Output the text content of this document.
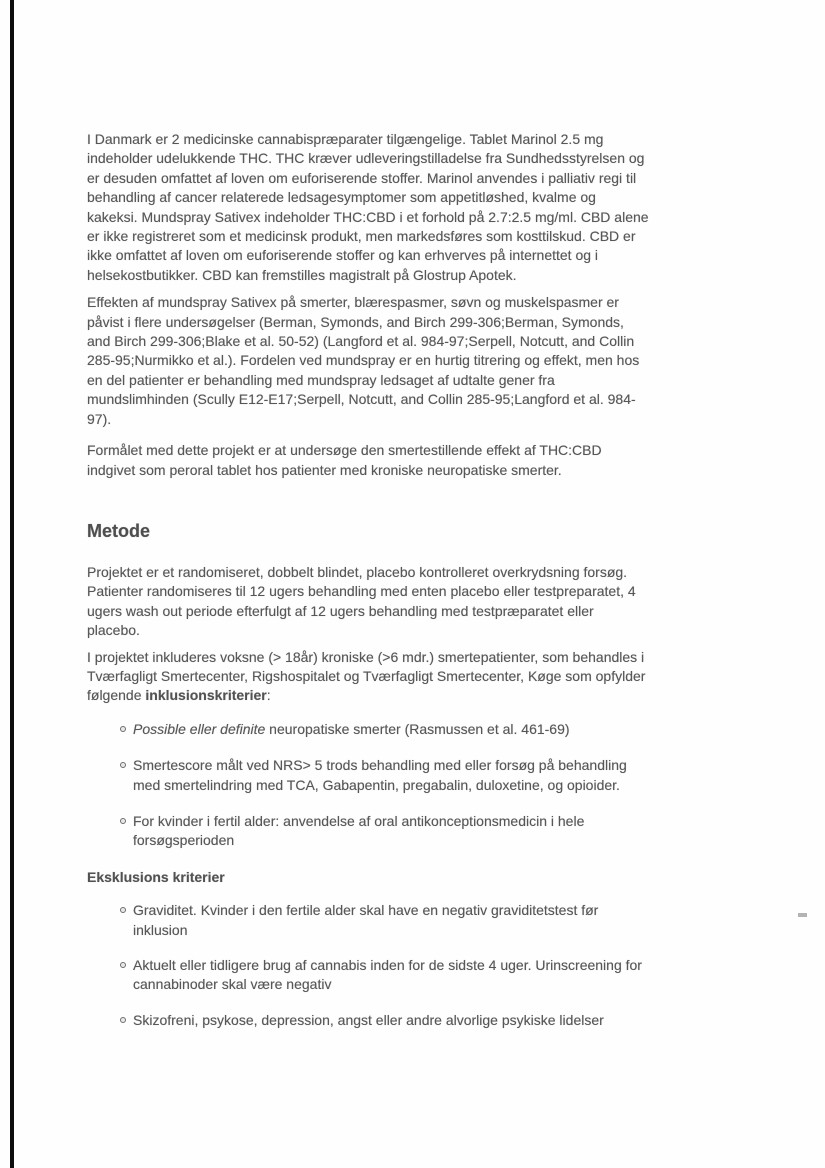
I Danmark er 2 medicinske cannabispræparater tilgængelige. Tablet Marinol 2.5 mg
indeholder udelukkende THC. THC kræver udleveringstilladelse fra Sundhedsstyrelsen og
er desuden omfattet af loven om euforiserende stoffer. Marinol anvendes i palliativ regi til
behandling af cancer relaterede ledsagesymptomer som appetitløshed, kvalme og
kakeksi. Mundspray Sativex indeholder THC:CBD i et forhold på 2.7:2.5 mg/ml. CBD alene
er ikke registreret som et medicinsk produkt, men markedsføres som kosttilskud. CBD er
ikke omfattet af loven om euforiserende stoffer og kan erhverves på internettet og i
helsekostbutikker. CBD kan fremstilles magistralt på Glostrup Apotek.
Effekten af mundspray Sativex på smerter, blærespasmer, søvn og muskelspasmer er
påvist i flere undersøgelser (Berman, Symonds, and Birch 299-306;Berman, Symonds,
and Birch 299-306;Blake et al. 50-52) (Langford et al. 984-97;Serpell, Notcutt, and Collin
285-95;Nurmikko et al.). Fordelen ved mundspray er en hurtig titrering og effekt, men hos
en del patienter er behandling med mundspray ledsaget af udtalte gener fra
mundslimhinden (Scully E12-E17;Serpell, Notcutt, and Collin 285-95;Langford et al. 984-
97).
Formålet med dette projekt er at undersøge den smertestillende effekt af THC:CBD
indgivet som peroral tablet hos patienter med kroniske neuropatiske smerter.
Metode
Projektet er et randomiseret, dobbelt blindet, placebo kontrolleret overkrydsning forsøg.
Patienter randomiseres til 12 ugers behandling med enten placebo eller testpreparatet, 4
ugers wash out periode efterfulgt af 12 ugers behandling med testpræparatet eller
placebo.
I projektet inkluderes voksne (> 18år) kroniske (>6 mdr.) smertepatienter, som behandles i
Tværfagligt Smertecenter, Rigshospitalet og Tværfagligt Smertecenter, Køge som opfylder
følgende inklusionskriterier:
Possible eller definite neuropatiske smerter (Rasmussen et al. 461-69)
Smertescore målt ved NRS> 5 trods behandling med eller forsøg på behandling
med smertelindring med TCA, Gabapentin, pregabalin, duloxetine, og opioider.
For kvinder i fertil alder: anvendelse af oral antikonceptionsmedicin i hele
forsøgsperioden
Eksklusions kriterier
Graviditet. Kvinder i den fertile alder skal have en negativ graviditetstest før
inklusion
Aktuelt eller tidligere brug af cannabis inden for de sidste 4 uger. Urinscreening for
cannabinoder skal være negativ
Skizofreni, psykose, depression, angst eller andre alvorlige psykiske lidelser
